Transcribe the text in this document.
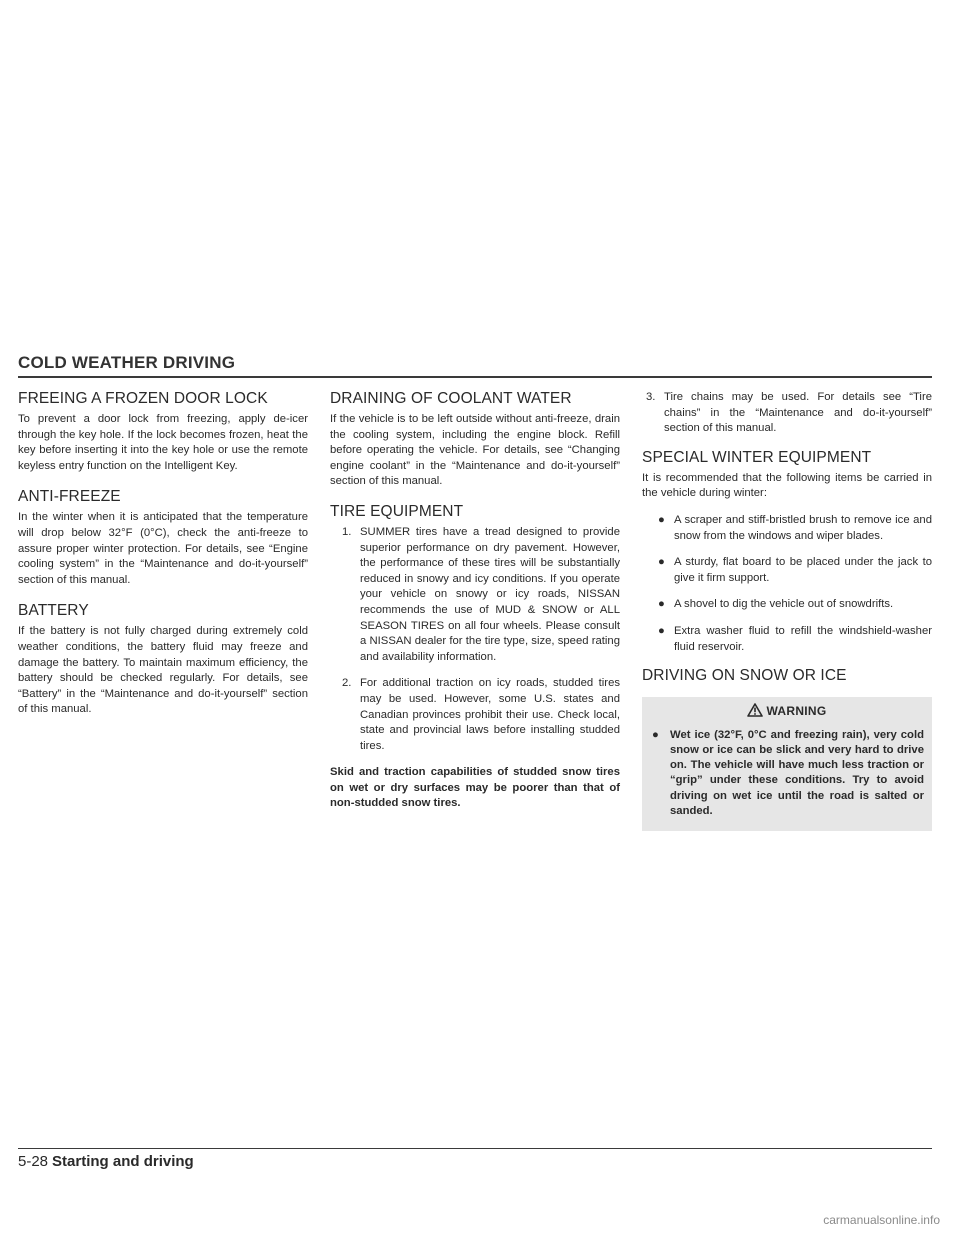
COLD WEATHER DRIVING
FREEING A FROZEN DOOR LOCK

To prevent a door lock from freezing, apply de-icer through the key hole. If the lock becomes frozen, heat the key before inserting it into the key hole or use the remote keyless entry function on the Intelligent Key.

ANTI-FREEZE

In the winter when it is anticipated that the temperature will drop below 32°F (0°C), check the anti-freeze to assure proper winter protection. For details, see “Engine cooling system” in the “Maintenance and do-it-yourself” section of this manual.

BATTERY

If the battery is not fully charged during extremely cold weather conditions, the battery fluid may freeze and damage the battery. To maintain maximum efficiency, the battery should be checked regularly. For details, see “Battery” in the “Maintenance and do-it-yourself” section of this manual.

DRAINING OF COOLANT WATER

If the vehicle is to be left outside without anti-freeze, drain the cooling system, including the engine block. Refill before operating the vehicle. For details, see “Changing engine coolant” in the “Maintenance and do-it-yourself” section of this manual.

TIRE EQUIPMENT
1. SUMMER tires have a tread designed to provide superior performance on dry pavement. However, the performance of these tires will be substantially reduced in snowy and icy conditions. If you operate your vehicle on snowy or icy roads, NISSAN recommends the use of MUD & SNOW or ALL SEASON TIRES on all four wheels. Please consult a NISSAN dealer for the tire type, size, speed rating and availability information.
2. For additional traction on icy roads, studded tires may be used. However, some U.S. states and Canadian provinces prohibit their use. Check local, state and provincial laws before installing studded tires.

Skid and traction capabilities of studded snow tires on wet or dry surfaces may be poorer than that of non-studded snow tires.

3. Tire chains may be used. For details see “Tire chains” in the “Maintenance and do-it-yourself” section of this manual.
SPECIAL WINTER EQUIPMENT

It is recommended that the following items be carried in the vehicle during winter:

● A scraper and stiff-bristled brush to remove ice and snow from the windows and wiper blades.
● A sturdy, flat board to be placed under the jack to give it firm support.
● A shovel to dig the vehicle out of snowdrifts.
● Extra washer fluid to refill the windshield-washer fluid reservoir.
DRIVING ON SNOW OR ICE
WARNING
● Wet ice (32°F, 0°C and freezing rain), very cold snow or ice can be slick and very hard to drive on. The vehicle will have much less traction or “grip” under these conditions. Try to avoid driving on wet ice until the road is salted or sanded.
5-28 Starting and driving
carmanualsonline.info
